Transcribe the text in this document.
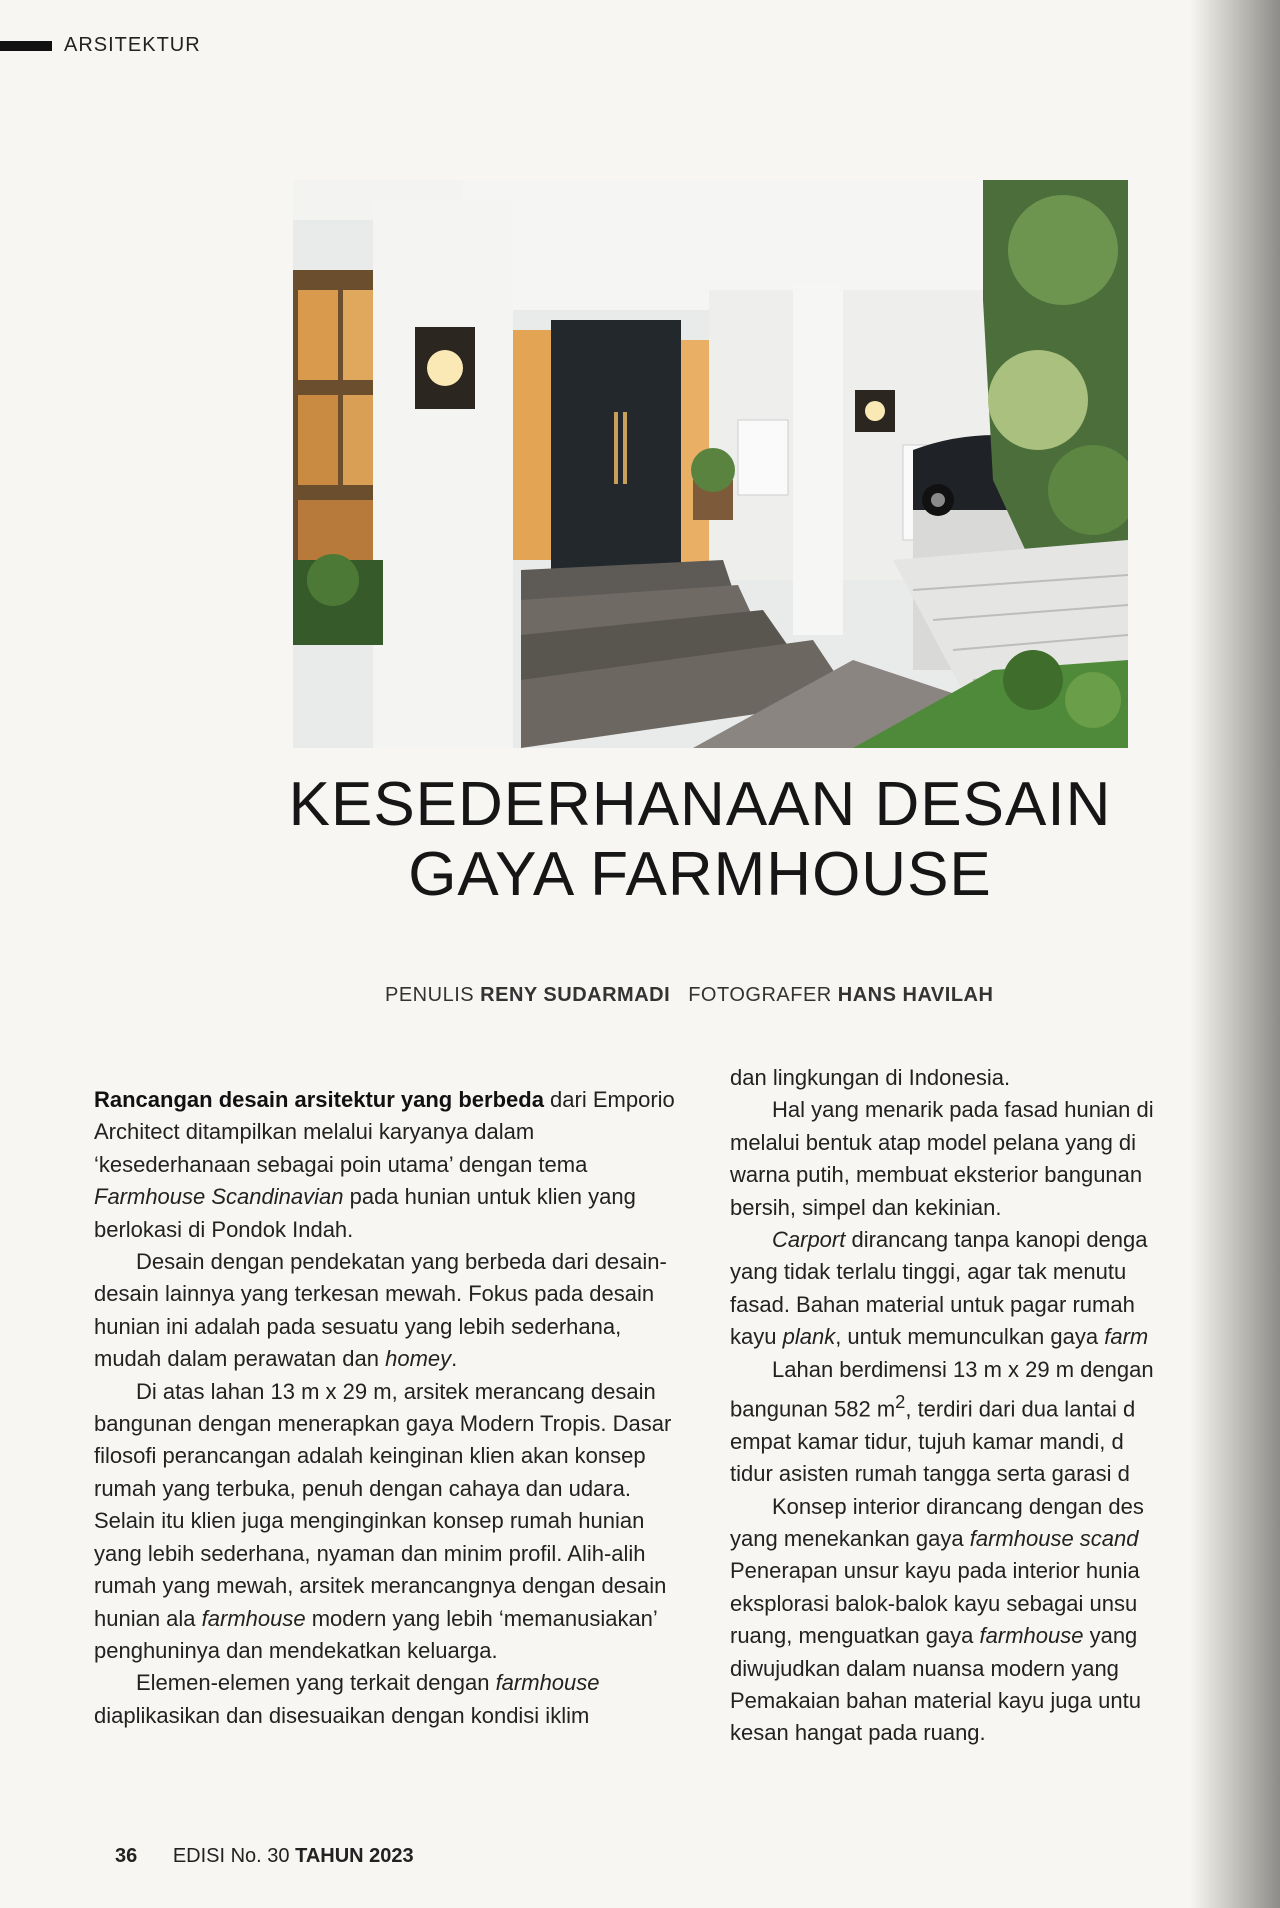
ARSITEKTUR
KESEDERHANAAN DESAIN
GAYA FARMHOUSE
PENULIS RENY SUDARMADI FOTOGRAFER HANS HAVILAH

Rancangan desain arsitektur yang berbeda dari Emporio Architect ditampilkan melalui karyanya dalam ‘kesederhanaan sebagai poin utama’ dengan tema Farmhouse Scandinavian pada hunian untuk klien yang berlokasi di Pondok Indah.

Desain dengan pendekatan yang berbeda dari desain-desain lainnya yang terkesan mewah. Fokus pada desain hunian ini adalah pada sesuatu yang lebih sederhana, mudah dalam perawatan dan homey.

Di atas lahan 13 m x 29 m, arsitek merancang desain bangunan dengan menerapkan gaya Modern Tropis. Dasar filosofi perancangan adalah keinginan klien akan konsep rumah yang terbuka, penuh dengan cahaya dan udara. Selain itu klien juga menginginkan konsep rumah hunian yang lebih sederhana, nyaman dan minim profil. Alih-alih rumah yang mewah, arsitek merancangnya dengan desain hunian ala farmhouse modern yang lebih ‘memanusiakan’ penghuninya dan mendekatkan keluarga.

Elemen-elemen yang terkait dengan farmhouse diaplikasikan dan disesuaikan dengan kondisi iklim

dan lingkungan di Indonesia.

Hal yang menarik pada fasad hunian di

melalui bentuk atap model pelana yang di

warna putih, membuat eksterior bangunan

bersih, simpel dan kekinian.

Carport dirancang tanpa kanopi denga

yang tidak terlalu tinggi, agar tak menutu

fasad. Bahan material untuk pagar rumah

kayu plank, untuk memunculkan gaya farm

Lahan berdimensi 13 m x 29 m dengan

bangunan 582 $m^2$, terdiri dari dua lantai d

empat kamar tidur, tujuh kamar mandi, d

tidur asisten rumah tangga serta garasi d

Konsep interior dirancang dengan des

yang menekankan gaya farmhouse scand

Penerapan unsur kayu pada interior hunia

eksplorasi balok-balok kayu sebagai unsu

ruang, menguatkan gaya farmhouse yang

diwujudkan dalam nuansa modern yang

Pemakaian bahan material kayu juga untu

kesan hangat pada ruang.

36 EDISI No. 30 TAHUN 2023
